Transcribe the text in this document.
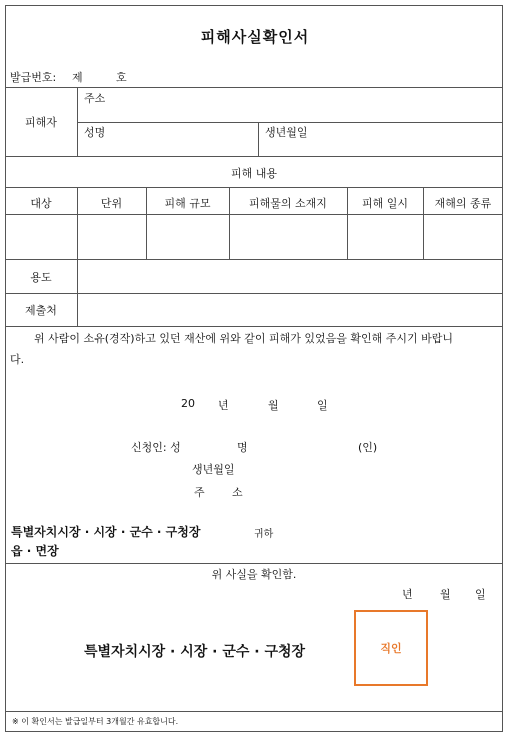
피해사실확인서
발급번호: 제	호
피해자
주소
성명	생년월일
피해 내용
대상	단위	피해 규모	피해물의 소재지	피해 일시	재해의 종류
용도
제출처
위 사람이 소유(경작)하고 있던 재산에 위와 같이 피해가 있었음을 확인해 주시기 바랍니
다.
20 년	월	일
신청인: 성	명	(인)
생년월일
주 소
특별자치시장 · 시장 · 군수 · 구청장	귀하
읍 · 면장
위 사실을 확인함.
년 월 일
특별자치시장 · 시장 · 군수 · 구청장	직인
※ 이 확인서는 발급일부터 3개월간 유효합니다.
